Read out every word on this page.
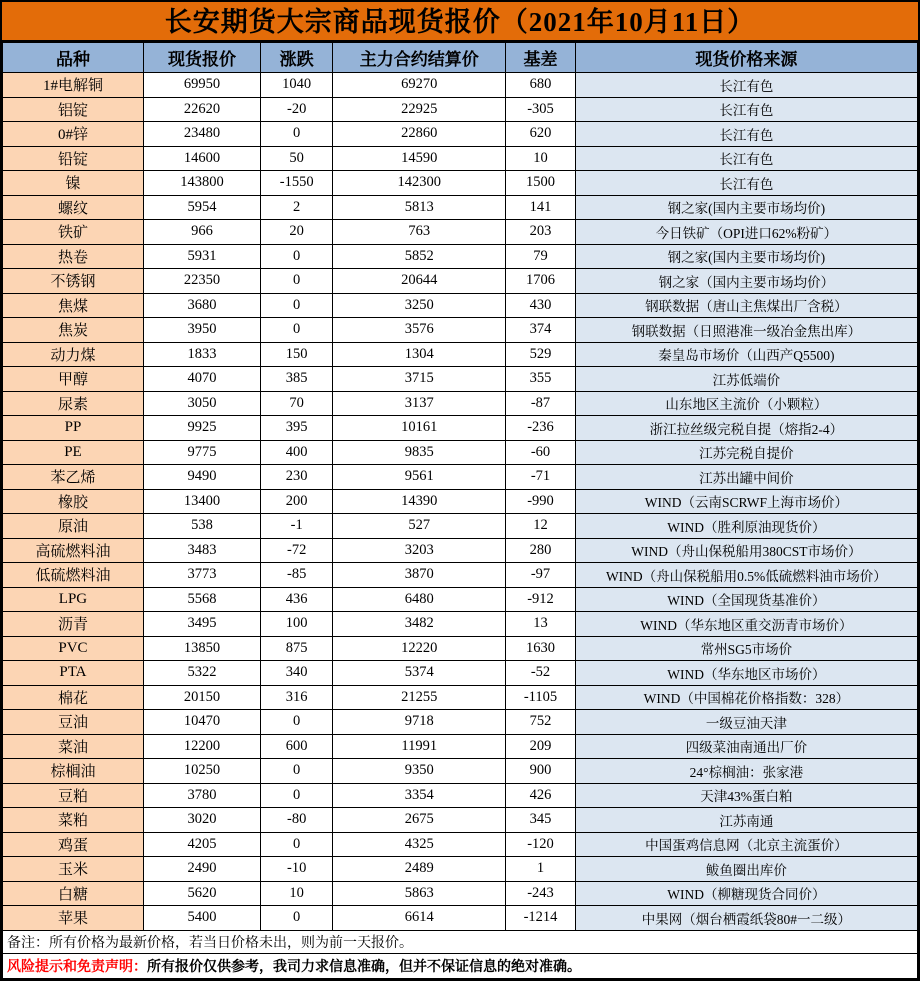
长安期货大宗商品现货报价（2021年10月11日）
品种	现货报价	涨跌	主力合约结算价	基差	现货价格来源
1#电解铜	69950	1040	69270	680	长江有色
铝锭	22620	-20	22925	-305	长江有色
0#锌	23480	0	22860	620	长江有色
铅锭	14600	50	14590	10	长江有色
镍	143800	-1550	142300	1500	长江有色
螺纹	5954	2	5813	141	钢之家(国内主要市场均价)
铁矿	966	20	763	203	今日铁矿（OPI进口62%粉矿）
热卷	5931	0	5852	79	钢之家(国内主要市场均价)
不锈钢	22350	0	20644	1706	钢之家（国内主要市场均价）
焦煤	3680	0	3250	430	钢联数据（唐山主焦煤出厂含税）
焦炭	3950	0	3576	374	钢联数据（日照港准一级冶金焦出库）
动力煤	1833	150	1304	529	秦皇岛市场价（山西产Q5500)
甲醇	4070	385	3715	355	江苏低端价
尿素	3050	70	3137	-87	山东地区主流价（小颗粒）
PP	9925	395	10161	-236	浙江拉丝级完税自提（熔指2-4）
PE	9775	400	9835	-60	江苏完税自提价
苯乙烯	9490	230	9561	-71	江苏出罐中间价
橡胶	13400	200	14390	-990	WIND（云南SCRWF上海市场价）
原油	538	-1	527	12	WIND（胜利原油现货价）
高硫燃料油	3483	-72	3203	280	WIND（舟山保税船用380CST市场价）
低硫燃料油	3773	-85	3870	-97	WIND（舟山保税船用0.5%低硫燃料油市场价）
LPG	5568	436	6480	-912	WIND（全国现货基准价）
沥青	3495	100	3482	13	WIND（华东地区重交沥青市场价）
PVC	13850	875	12220	1630	常州SG5市场价
PTA	5322	340	5374	-52	WIND（华东地区市场价）
棉花	20150	316	21255	-1105	WIND（中国棉花价格指数：328）
豆油	10470	0	9718	752	一级豆油天津
菜油	12200	600	11991	209	四级菜油南通出厂价
棕榈油	10250	0	9350	900	24°棕榈油：张家港
豆粕	3780	0	3354	426	天津43%蛋白粕
菜粕	3020	-80	2675	345	江苏南通
鸡蛋	4205	0	4325	-120	中国蛋鸡信息网（北京主流蛋价）
玉米	2490	-10	2489	1	鲅鱼圈出库价
白糖	5620	10	5863	-243	WIND（柳糖现货合同价）
苹果	5400	0	6614	-1214	中果网（烟台栖霞纸袋80#一二级）
备注：所有价格为最新价格，若当日价格未出，则为前一天报价。					
风险提示和免责声明：所有报价仅供参考，我司力求信息准确，但并不保证信息的绝对准确。					
